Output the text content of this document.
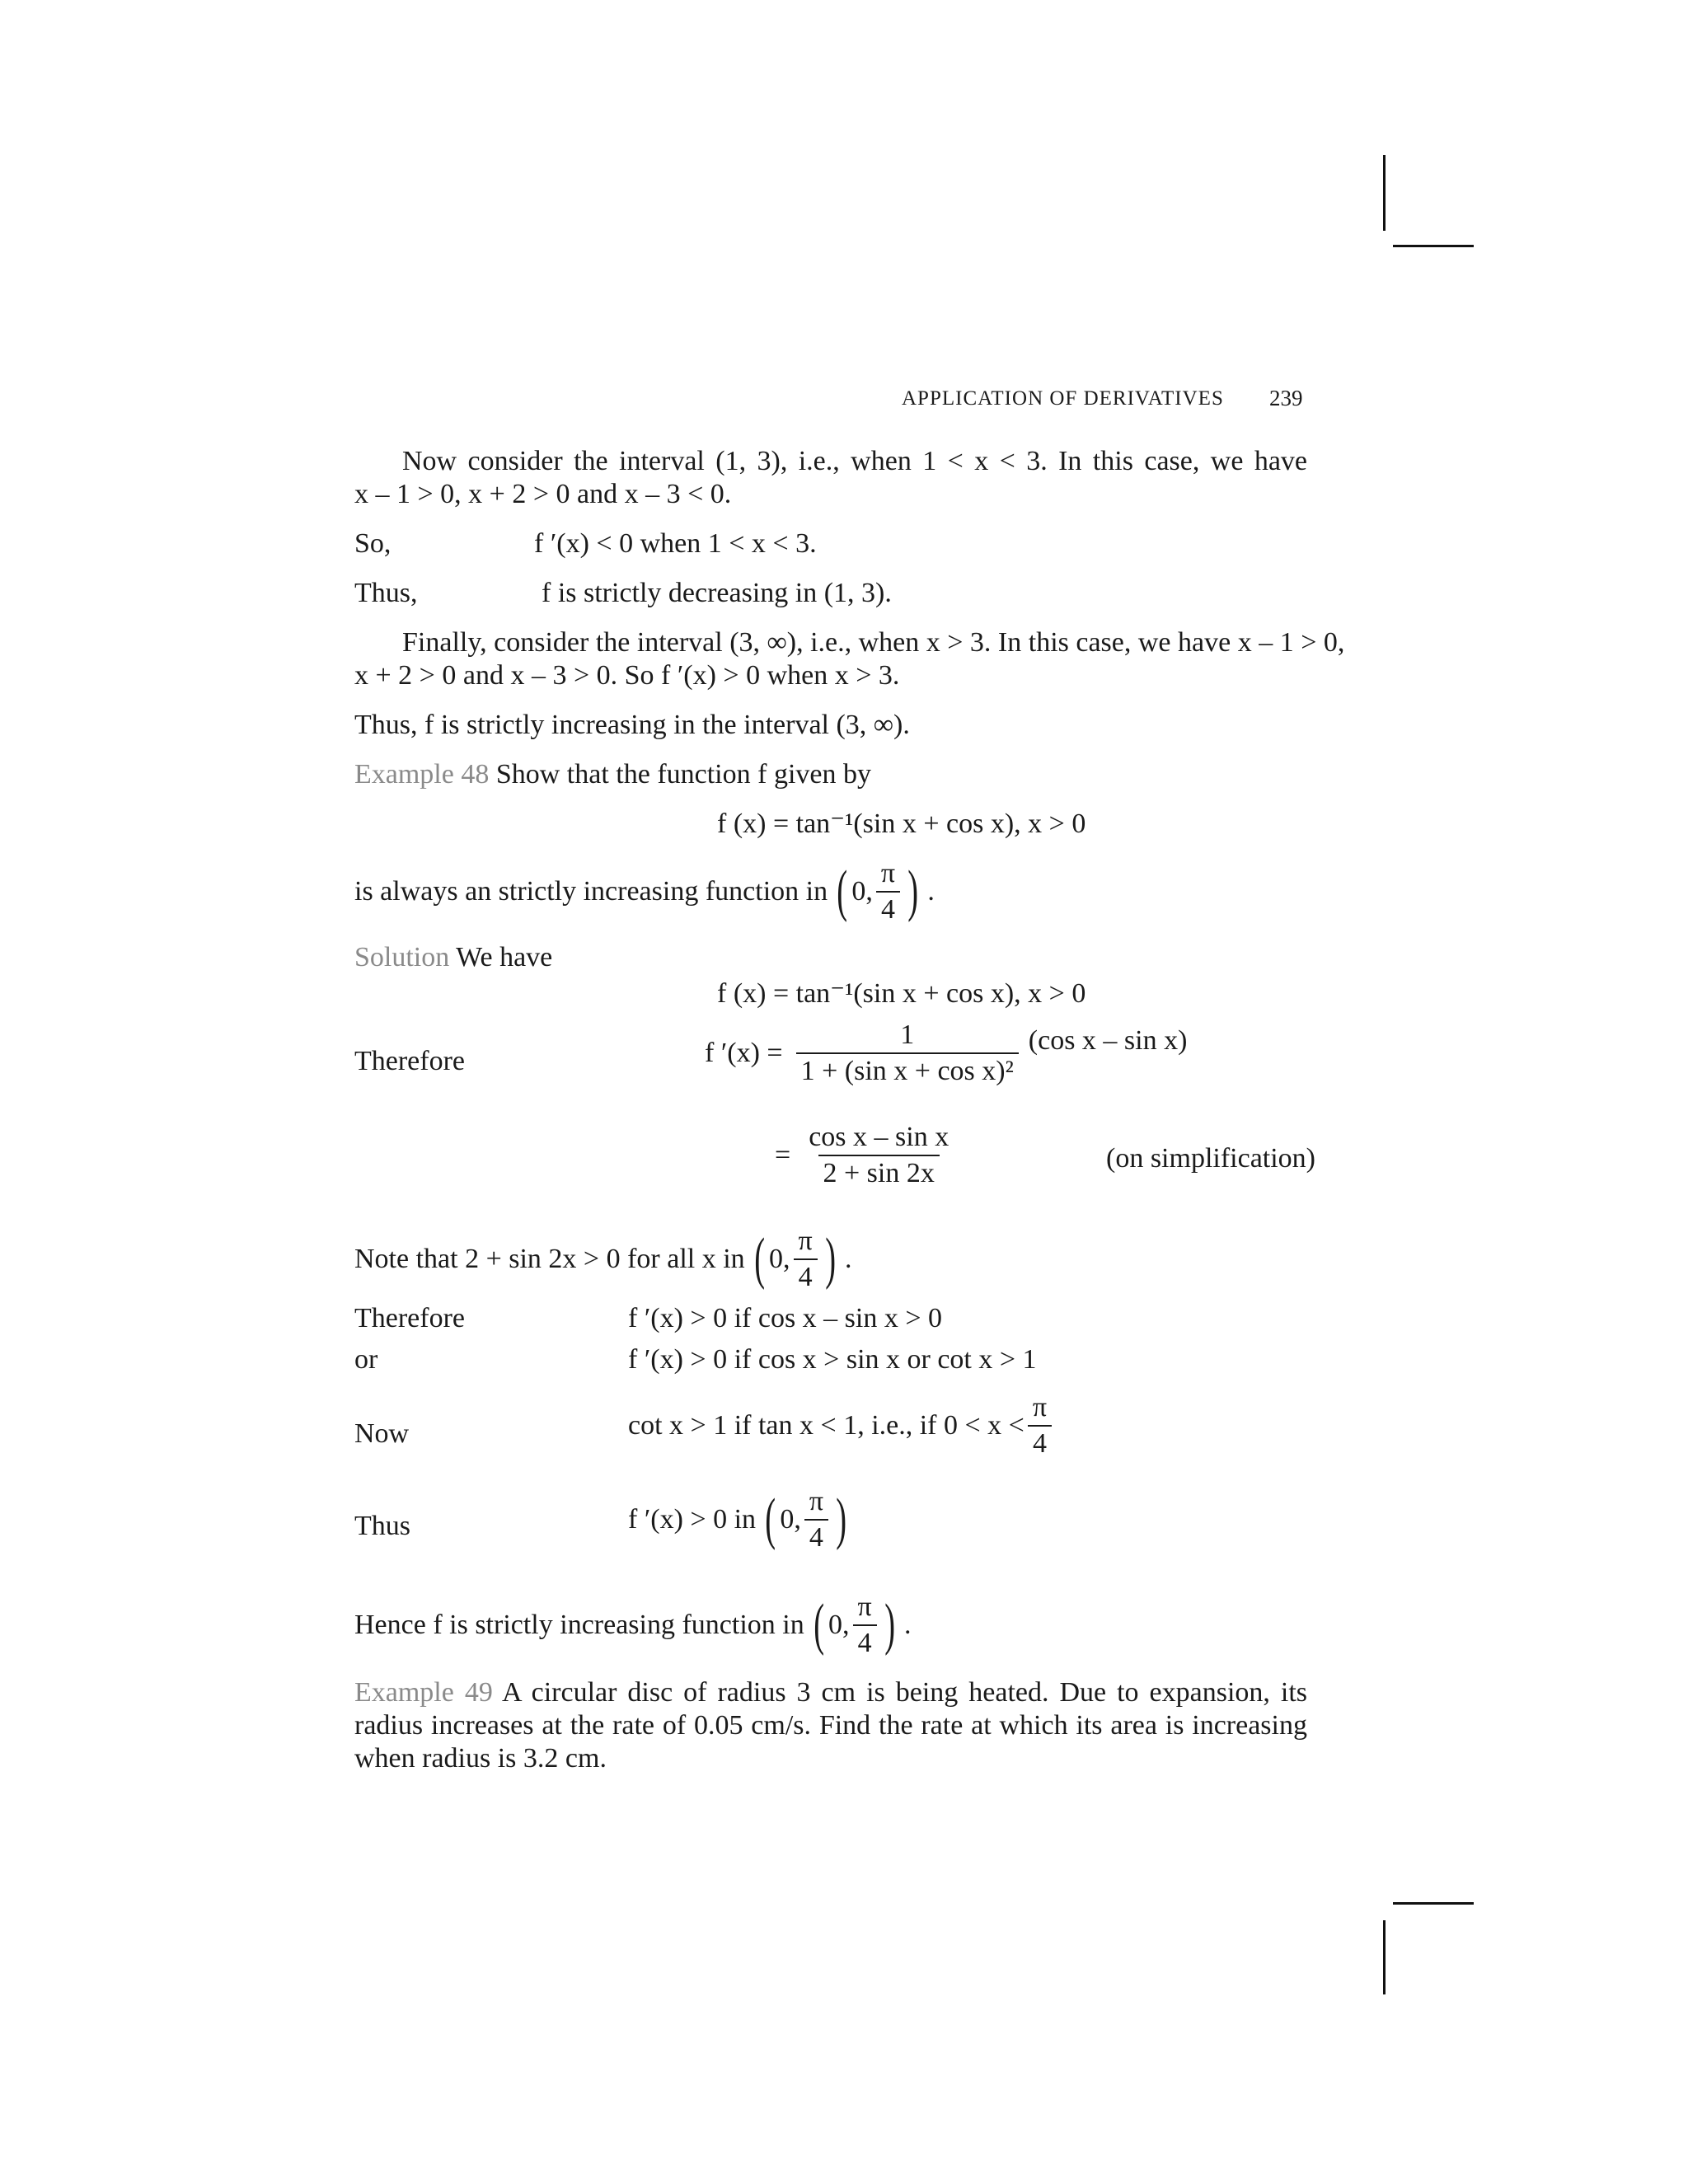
APPLICATION OF DERIVATIVES 239
Now consider the interval (1, 3), i.e., when 1 < x < 3. In this case, we have
x – 1 > 0, x + 2 > 0 and x – 3 < 0.
So,	f ′(x) < 0 when 1 < x < 3.
Thus,	f is strictly decreasing in (1, 3).
Finally, consider the interval (3, ∞), i.e., when x > 3. In this case, we have x – 1 > 0,
x + 2 > 0 and x – 3 > 0. So f ′(x) > 0 when x > 3.
Thus, f is strictly increasing in the interval (3, ∞).
Example 48 Show that the function f given by
f (x) = tan⁻¹(sin x + cos x), x > 0
is always an strictly increasing function in ( 0, $\frac{\pi}{4}$ ) .
Solution We have
f (x) = tan⁻¹(sin x + cos x), x > 0
Therefore	f $'(x) = \frac{1}{\text{1 + (sin x + cos x)²}} (\cos$ x – sin x)
= $\frac{\text{cos x – sin x}}{2 + \sin 2x}$	(on simplification)
Note that 2 + sin 2x > 0 for all x in ( 0, $\frac{\pi}{4}$ ) .
Therefore	f ′(x) > 0 if cos x – sin x > 0
or	f ′(x) > 0 if cos x > sin x or cot x > 1
Now	cot x > 1 if tan x < 1, i.e., if $0 < x < \frac{\pi}{4}$
Thus	f ′(x) > 0 in ( 0, $\frac{\pi}{4}$ )
Hence f is strictly increasing function in ( 0, $\frac{\pi}{4}$ ) .
Example 49 A circular disc of radius 3 cm is being heated. Due to expansion, its
radius increases at the rate of 0.05 cm/s. Find the rate at which its area is increasing
when radius is 3.2 cm.
